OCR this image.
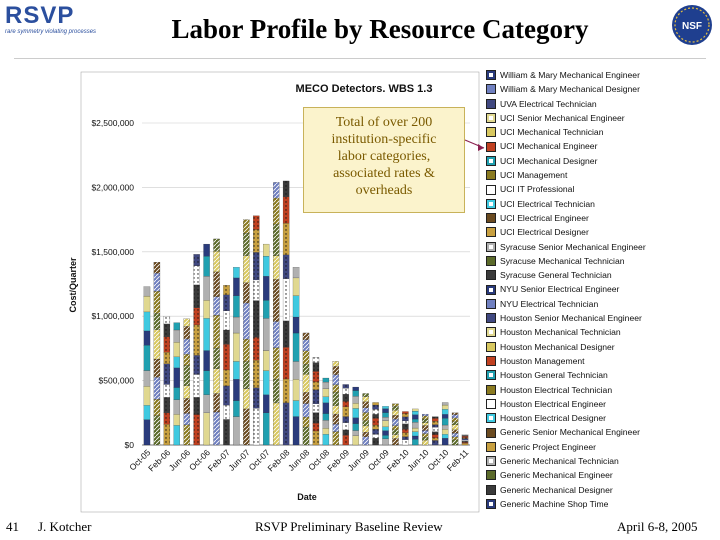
RSVP
rare symmetry violating processes	Labor Profile by Resource Category	NSF
MECO Detectors. WBS 1.3
Cost/Quarter
Date
$0
$500,000
$1,000,000
$1,500,000
$2,000,000
$2,500,000
Oct-05
Feb-06
Jun-06
Oct-06
Feb-07
Jun-07
Oct-07
Feb-08
Jun-08
Oct-08
Feb-09
Jun-09
Oct-09
Feb-10
Jun-10
Oct-10
Feb-11
Total of over 200
institution-specific
labor categories,
associated rates &
overheads
William & Mary Mechanical Engineer
William & Mary Mechanical Designer
UVA Electrical Technician
UCI Senior Mechanical Engineer
UCI Mechanical Technician
UCI Mechanical Engineer
UCI Mechanical Designer
UCI Management
UCI IT Professional
UCI Electrical Technician
UCI Electrical Engineer
UCI Electrical Designer
Syracuse Senior Mechanical Engineer
Syracuse Mechanical Technician
Syracuse General Technician
NYU Senior Electrical Engineer
NYU Electrical Technician
Houston Senior Mechanical Engineer
Houston Mechanical Technician
Houston Mechanical Designer
Houston Management
Houston General Technician
Houston Electrical Technician
Houston Electrical Engineer
Houston Electrical Designer
Generic Senior Mechanical Engineer
Generic Project Engineer
Generic Mechanical Technician
Generic Mechanical Engineer
Generic Mechanical Designer
Generic Machine Shop Time
41 J. Kotcher	RSVP Preliminary Baseline Review	April 6-8, 2005
